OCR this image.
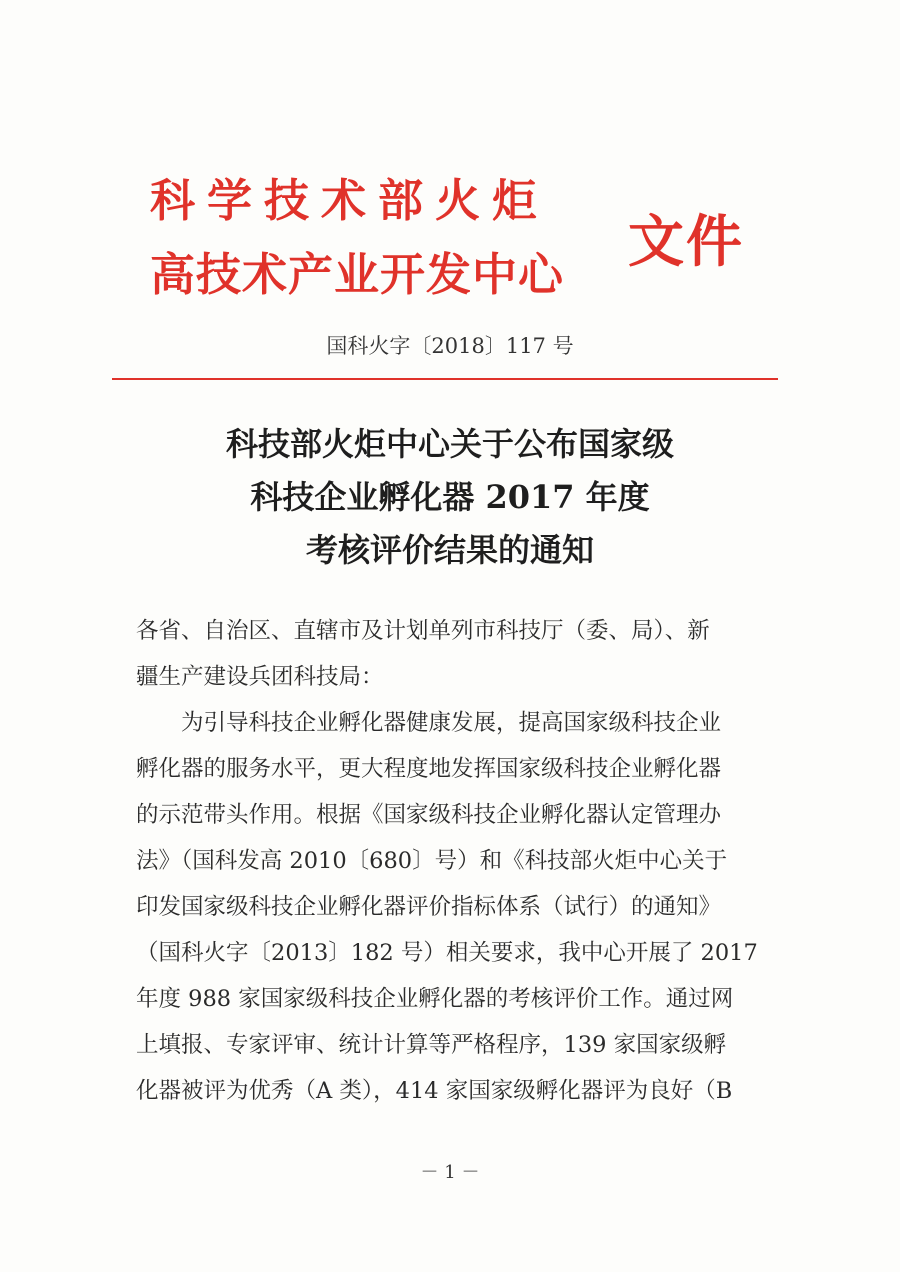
科学技术部火炬
高技术产业开发中心 文件
国科火字〔2018〕117 号
科技部火炬中心关于公布国家级
科技企业孵化器 2017 年度
考核评价结果的通知
各省、自治区、直辖市及计划单列市科技厅（委、局）、新
疆生产建设兵团科技局：
为引导科技企业孵化器健康发展，提高国家级科技企业
孵化器的服务水平，更大程度地发挥国家级科技企业孵化器
的示范带头作用。根据《国家级科技企业孵化器认定管理办
法》（国科发高 2010〔680〕号）和《科技部火炬中心关于
印发国家级科技企业孵化器评价指标体系（试行）的通知》
（国科火字〔2013〕182 号）相关要求，我中心开展了 2017
年度 988 家国家级科技企业孵化器的考核评价工作。通过网
上填报、专家评审、统计计算等严格程序，139 家国家级孵
化器被评为优秀（A 类），414 家国家级孵化器评为良好（B
－ 1 －
